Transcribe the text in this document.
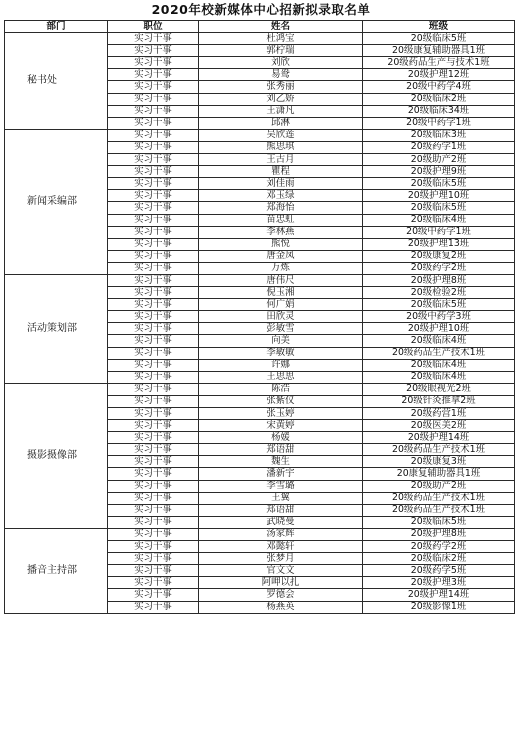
2020年校新媒体中心招新拟录取名单
部门	职位	姓名	班级
秘书处	实习干事	杜鸿宝	20级临床5班
	实习干事	郭柠瑞	20级康复辅助器具1班
	实习干事	刘欣	20级药品生产与技术1班
	实习干事	易鸯	20级护理12班
	实习干事	张秀丽	20级中药学4班
	实习干事	刘乙娇	20级临床2班
	实习干事	王潇凡	20级临床34班
	实习干事	邱淋	20级中药学1班
新闻采编部	实习干事	吴欣莲	20级临床3班
	实习干事	熊思琪	20级药学1班
	实习干事	王古月	20级助产2班
	实习干事	瞿程	20级护理9班
	实习干事	刘佳雨	20级临床5班
	实习干事	邓玉绿	20级护理10班
	实习干事	郑海怡	20级临床5班
	实习干事	苗忠虹	20级临床4班
	实习干事	李林燕	20级中药学1班
	实习干事	熊悦	20级护理13班
	实习干事	唐金凤	20级康复2班
	实习干事	万炼	20级药学2班
活动策划部	实习干事	唐伟尺	20级护理8班
	实习干事	倪玉湘	20级检验2班
	实习干事	何广娟	20级临床5班
	实习干事	田欣灵	20级中药学3班
	实习干事	彭敏雪	20级护理10班
	实习干事	向美	20级临床4班
	实习干事	李敏敏	20级药品生产技术1班
	实习干事	许娜	20级临床4班
	实习干事	王思思	20级临床4班
摄影摄像部	实习干事	陈浩	20级眼视光2班
	实习干事	张紫仪	20级针灸推拿2班
	实习干事	张玉婷	20级药营1班
	实习干事	宋黄婷	20级医美2班
	实习干事	杨媛	20级护理14班
	实习干事	郑语甜	20级药品生产技术1班
	实习干事	魏生	20级康复3班
	实习干事	潘新宇	20康复辅助器具1班
	实习干事	李雪璐	20级助产2班
	实习干事	王翼	20级药品生产技术1班
	实习干事	郑语甜	20级药品生产技术1班
	实习干事	武晓曼	20级临床5班
播音主持部	实习干事	汤家辉	20级护理8班
	实习干事	邓懿轩	20级药学2班
	实习干事	张梦月	20级临床2班
	实习干事	官文文	20级药学5班
	实习干事	阿呷以扎	20级护理3班
	实习干事	罗德会	20级护理14班
	实习干事	杨燕英	20级影像1班
